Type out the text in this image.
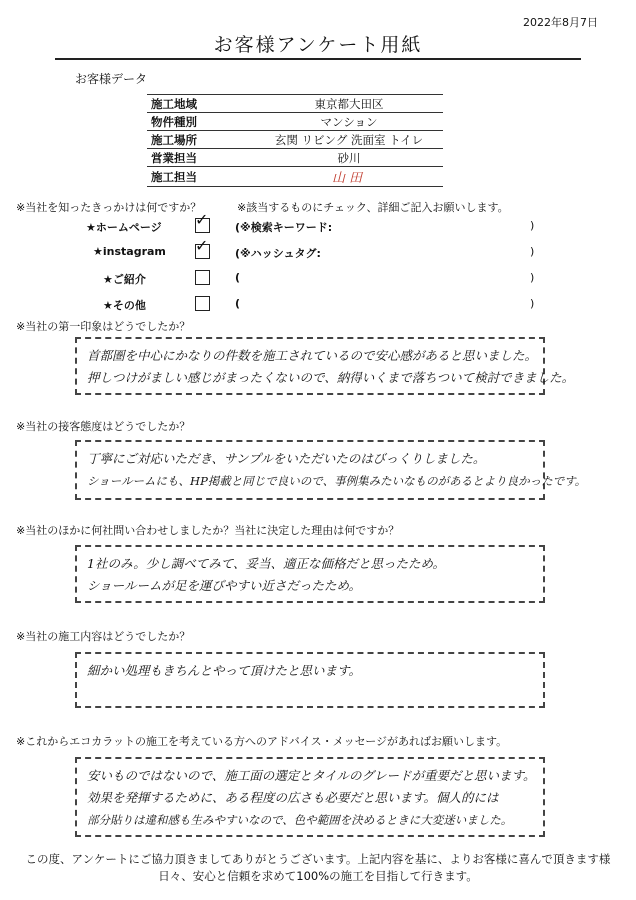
2022年8月7日
お客様アンケート用紙
お客様データ
施工地域	東京都大田区
物件種別	マンション
施工場所	玄関 リビング 洗面室 トイレ
営業担当	砂川
施工担当	山田
※当社を知ったきっかけは何ですか？	※該当するものにチェック、詳細ご記入お願いします。
★ホームページ ✓ (※検索キーワード:	)
★instagram ✓ (※ハッシュタグ:	)
★ご紹介	(	)
★その他	(	)
※当社の第一印象はどうでしたか？
首都圏を中心にかなりの件数を施工されているので安心感があると思いました。
押しつけがましい感じがまったくないので、納得いくまで落ちついて検討できました。
※当社の接客態度はどうでしたか？
丁寧にご対応いただき、サンプルをいただいたのはびっくりしました。
ショールームにも、HP掲載と同じで良いので、事例集みたいなものがあるとより良かったです。
※当社のほかに何社問い合わせしましたか？当社に決定した理由は何ですか？
1社のみ。少し調べてみて、妥当、適正な価格だと思ったため。
ショールームが足を運びやすい近さだったため。
※当社の施工内容はどうでしたか？
細かい処理もきちんとやって頂けたと思います。
※これからエコカラットの施工を考えている方へのアドバイス・メッセージがあればお願いします。
安いものではないので、施工面の選定とタイルのグレードが重要だと思います。
効果を発揮するために、ある程度の広さも必要だと思います。個人的には
部分貼りは違和感も生みやすいなので、色や範囲を決めるときに大変迷いました。
この度、アンケートにご協力頂きましてありがとうございます。上記内容を基に、よりお客様に喜んで頂きます様
日々、安心と信頼を求めて100%の施工を目指して行きます。
